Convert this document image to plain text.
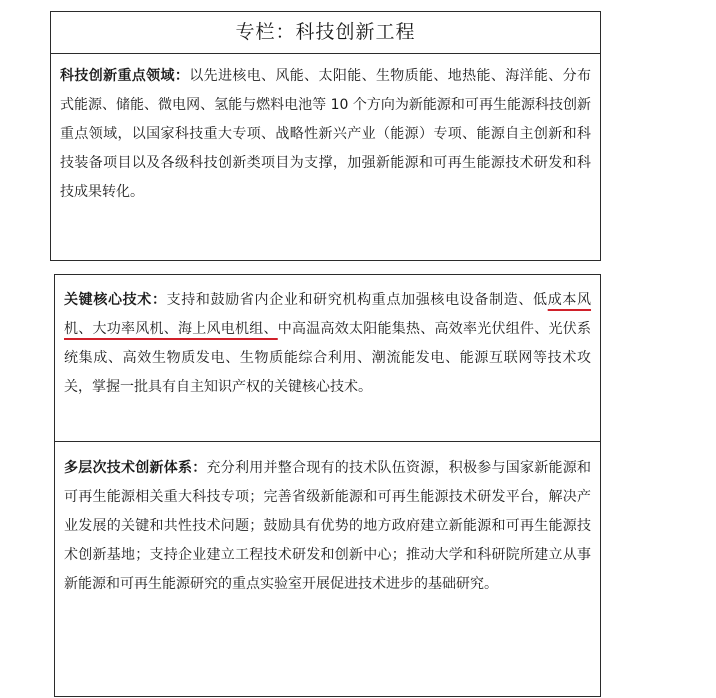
专栏：科技创新工程
科技创新重点领域：以先进核电、风能、太阳能、生物质能、地热能、海洋能、分布式能源、储能、微电网、氢能与燃料电池等 10 个方向为新能源和可再生能源科技创新重点领域，以国家科技重大专项、战略性新兴产业（能源）专项、能源自主创新和科技装备项目以及各级科技创新类项目为支撑，加强新能源和可再生能源技术研发和科技成果转化。
关键核心技术：支持和鼓励省内企业和研究机构重点加强核电设备制造、低成本风机、大功率风机、海上风电机组、中高温高效太阳能集热、高效率光伏组件、光伏系统集成、高效生物质发电、生物质能综合利用、潮流能发电、能源互联网等技术攻关，掌握一批具有自主知识产权的关键核心技术。
多层次技术创新体系：充分利用并整合现有的技术队伍资源，积极参与国家新能源和可再生能源相关重大科技专项；完善省级新能源和可再生能源技术研发平台，解决产业发展的关键和共性技术问题；鼓励具有优势的地方政府建立新能源和可再生能源技术创新基地；支持企业建立工程技术研发和创新中心；推动大学和科研院所建立从事新能源和可再生能源研究的重点实验室开展促进技术进步的基础研究。
